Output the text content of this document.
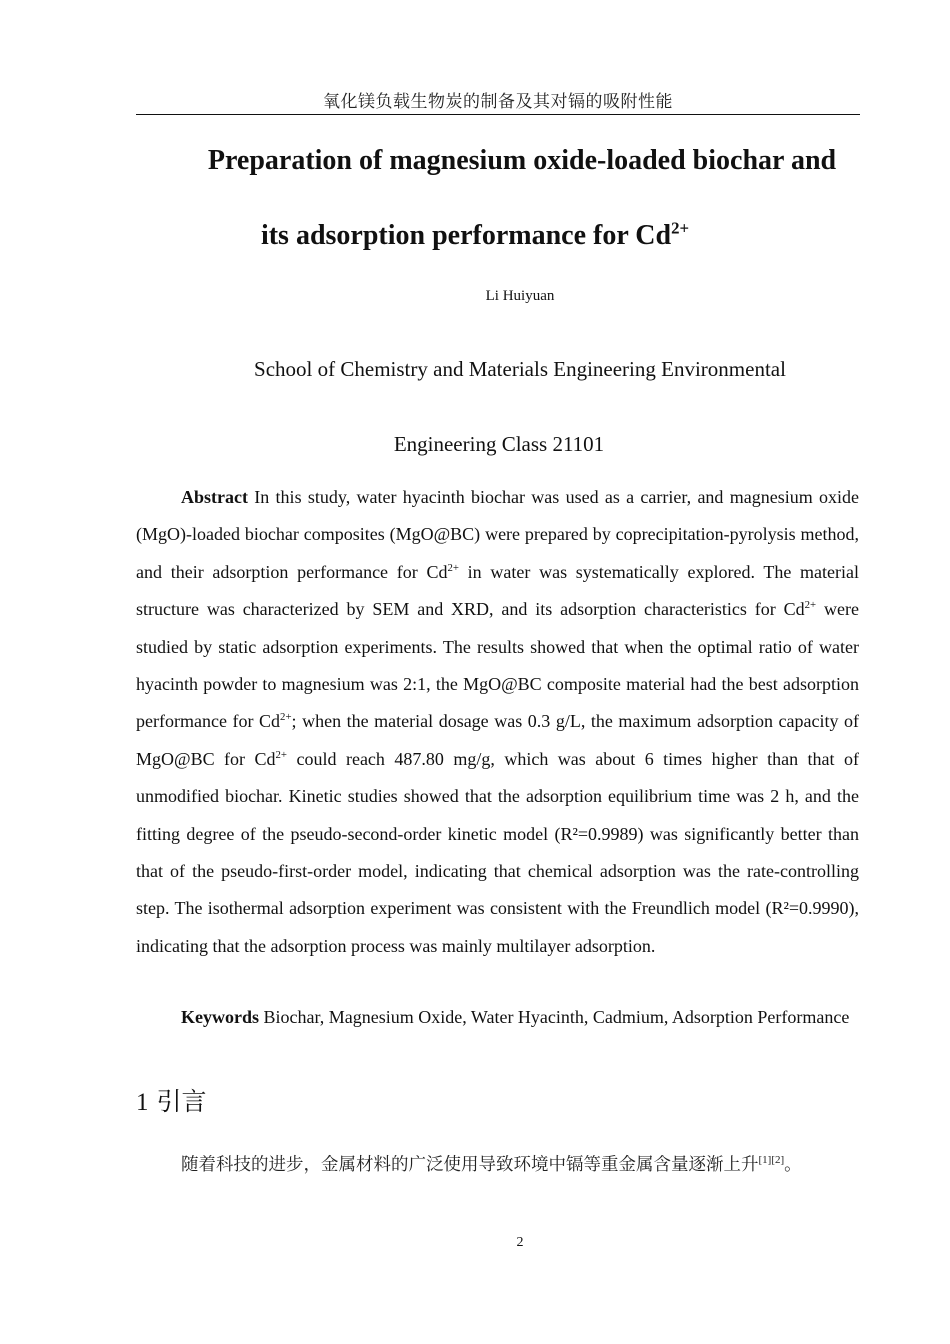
氧化镁负载生物炭的制备及其对镉的吸附性能
Preparation of magnesium oxide-loaded biochar and
its adsorption performance for $Cd^{2+}$
Li Huiyuan
School of Chemistry and Materials Engineering Environmental
Engineering Class 21101
Abstract In this study, water hyacinth biochar was used as a carrier, and magnesium oxide (MgO)-loaded biochar composites (MgO@BC) were prepared by coprecipitation-pyrolysis method, and their adsorption performance for $Cd^{2+}$ in water was systematically explored. The material structure was characterized by SEM and XRD, and its adsorption characteristics for $Cd^{2+}$ were studied by static adsorption experiments. The results showed that when the optimal ratio of water hyacinth powder to magnesium was 2:1, the MgO@BC composite material had the best adsorption performance for $Cd^{2+}$; when the material dosage was 0.3 g/L, the maximum adsorption capacity of MgO@BC for $Cd^{2+}$ could reach 487.80 mg/g, which was about 6 times higher than that of unmodified biochar. Kinetic studies showed that the adsorption equilibrium time was 2 h, and the fitting degree of the pseudo-second-order kinetic model (R²=0.9989) was significantly better than that of the pseudo-first-order model, indicating that chemical adsorption was the rate-controlling step. The isothermal adsorption experiment was consistent with the Freundlich model (R²=0.9990), indicating that the adsorption process was mainly multilayer adsorption.
Keywords Biochar, Magnesium Oxide, Water Hyacinth, Cadmium, Adsorption Performance
1 引言
随着科技的进步，金属材料的广泛使用导致环境中镉等重金属含量逐渐上升[1][2]。
2
